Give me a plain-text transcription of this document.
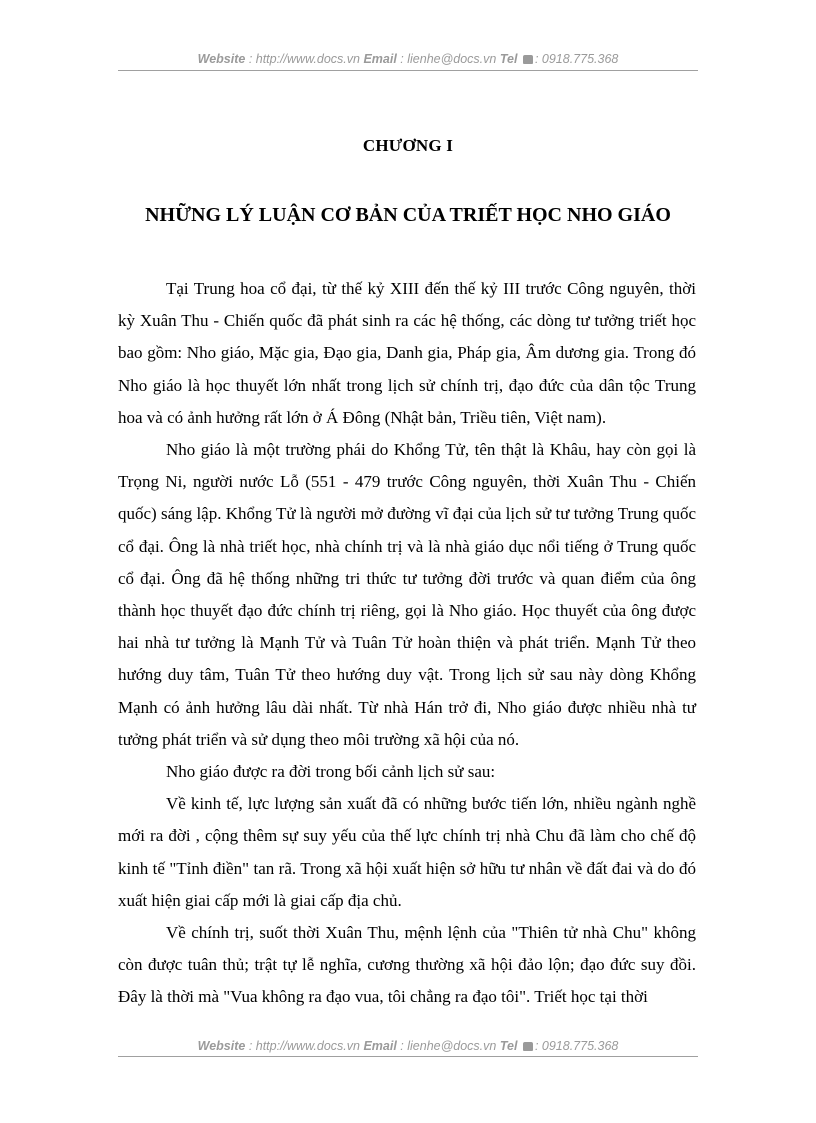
Website : http://www.docs.vn Email : lienhe@docs.vn Tel : 0918.775.368
CHƯƠNG I
NHỮNG LÝ LUẬN CƠ BẢN CỦA TRIẾT HỌC NHO GIÁO

Tại Trung hoa cổ đại, từ thế kỷ XIII đến thế kỷ III trước Công nguyên, thời kỳ Xuân Thu - Chiến quốc đã phát sinh ra các hệ thống, các dòng tư tưởng triết học bao gồm: Nho giáo, Mặc gia, Đạo gia, Danh gia, Pháp gia, Âm dương gia. Trong đó Nho giáo là học thuyết lớn nhất trong lịch sử chính trị, đạo đức của dân tộc Trung hoa và có ảnh hưởng rất lớn ở Á Đông (Nhật bản, Triều tiên, Việt nam).

Nho giáo là một trường phái do Khổng Tử, tên thật là Khâu, hay còn gọi là Trọng Ni, người nước Lỗ (551 - 479 trước Công nguyên, thời Xuân Thu - Chiến quốc) sáng lập. Khổng Tử là người mở đường vĩ đại của lịch sử tư tưởng Trung quốc cổ đại. Ông là nhà triết học, nhà chính trị và là nhà giáo dục nổi tiếng ở Trung quốc cổ đại. Ông đã hệ thống những tri thức tư tưởng đời trước và quan điểm của ông thành học thuyết đạo đức chính trị riêng, gọi là Nho giáo. Học thuyết của ông được hai nhà tư tưởng là Mạnh Tử và Tuân Tử hoàn thiện và phát triển. Mạnh Tử theo hướng duy tâm, Tuân Tử theo hướng duy vật. Trong lịch sử sau này dòng Khổng Mạnh có ảnh hưởng lâu dài nhất. Từ nhà Hán trở đi, Nho giáo được nhiều nhà tư tưởng phát triển và sử dụng theo môi trường xã hội của nó.

Nho giáo được ra đời trong bối cảnh lịch sử sau:

Về kinh tế, lực lượng sản xuất đã có những bước tiến lớn, nhiều ngành nghề mới ra đời , cộng thêm sự suy yếu của thế lực chính trị nhà Chu đã làm cho chế độ kinh tế "Tỉnh điền" tan rã. Trong xã hội xuất hiện sở hữu tư nhân về đất đai và do đó xuất hiện giai cấp mới là giai cấp địa chủ.

Về chính trị, suốt thời Xuân Thu, mệnh lệnh của "Thiên tử nhà Chu" không còn được tuân thủ; trật tự lễ nghĩa, cương thường xã hội đảo lộn; đạo đức suy đồi. Đây là thời mà "Vua không ra đạo vua, tôi chẳng ra đạo tôi". Triết học tại thời

Website : http://www.docs.vn Email : lienhe@docs.vn Tel : 0918.775.368
